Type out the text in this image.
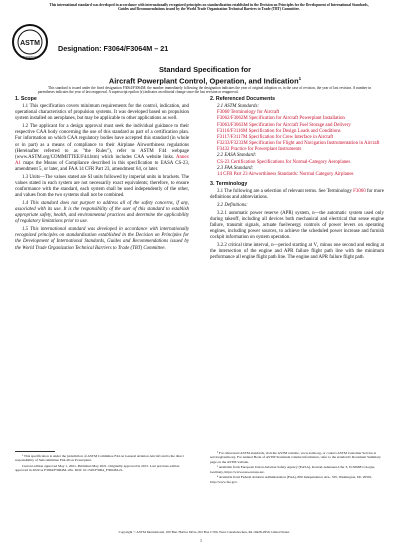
This international standard was developed in accordance with internationally recognized principles on standardization established in the Decision on Principles for the Development of International Standards, Guides and Recommendations issued by the World Trade Organization Technical Barriers to Trade (TBT) Committee.
ASTM
INTERNATIONAL
Designation: F3064/F3064M – 21
Standard Specification for
Aircraft Powerplant Control, Operation, and Indication$^1$
This standard is issued under the fixed designation F3064/F3064M; the number immediately following the designation indicates the year of original adoption or, in the case of revision, the year of last revision. A number in parentheses indicates the year of last reapproval. A superscript epsilon (ε) indicates an editorial change since the last revision or reapproval.
1. Scope

1.1 This specification covers minimum requirements for the control, indication, and operational characteristics of propulsion systems. It was developed based on propulsion system installed on aeroplanes, but may be applicable to other applications as well.

1.2 The applicant for a design approval must seek the individual guidance to their respective CAA body concerning the use of this standard as part of a certification plan. For information on which CAA regulatory bodies have accepted this standard (in whole or in part) as a means of compliance to their Airplane Airworthiness regulations (Hereinafter referred to as "the Rules"), refer to ASTM F44 webpage (www.ASTM.org/COMMITTEE/F44.htm) which includes CAA website links. Annex A1 maps the Means of Compliance described in this specification to EASA CS-23, amendment 5, or later, and FAA 14 CFR Part 23, amendment 64, or later.

1.3 Units—The values stated are SI units followed by imperial units in brackets. The values stated in each system are not necessarily exact equivalents; therefore, to ensure conformance with the standard, each system shall be used independently of the other, and values from the two systems shall not be combined.

1.4 This standard does not purport to address all of the safety concerns, if any, associated with its use. It is the responsibility of the user of this standard to establish appropriate safety, health, and environmental practices and determine the applicability of regulatory limitations prior to use.

1.5 This international standard was developed in accordance with internationally recognized principles on standardization established in the Decision on Principles for the Development of International Standards, Guides and Recommendations issued by the World Trade Organization Technical Barriers to Trade (TBT) Committee.

2. Referenced Documents
2.1 ASTM Standards:
F3060 Terminology for Aircraft
F3062/F3062M Specification for Aircraft Powerplant Installation
F3063/F3063M Specification for Aircraft Fuel Storage and Delivery
F3116/F3116M Specification for Design Loads and Conditions
F3117/F3117M Specification for Crew Interface in Aircraft
F3233/F3233M Specification for Flight and Navigation Instrumentation in Aircraft
F3432 Practice for Powerplant Instruments
2.2 EASA Standard:
CS-23 Certification Specifications for Normal-Category Aeroplanes
2.3 FAA Standard:
14 CFR Part 23 Airworthiness Standards: Normal Category Airplanes
3. Terminology

3.1 The following are a selection of relevant terms. See Terminology F3060 for more definitions and abbreviations.

3.2 Definitions:

3.2.1 automatic power reserve (APR) system, n—the automatic system used only during takeoff, including all devices both mechanical and electrical that sense engine failure, transmit signals, actuate fuel/energy controls of power levers on operating engines, including power sources, to achieve the scheduled power increase and furnish cockpit information on system operation.

3.2.2 critical time interval, n—period starting at V₁ minus one second and ending at the intersection of the engine and APR failure flight path line with the minimum performance all engine flight path line. The engine and APR failure flight path

¹ This specification is under the jurisdiction of ASTM Committee F44 on General Aviation Aircraft and is the direct responsibility of Subcommittee F44.40 on Powerplant.
Current edition approved May 1, 2021. Published May 2021. Originally approved in 2015. Last previous edition approved in 2020 as F3064/F3064M–20a. DOI: 10.1520/F3064_F3064M-21.
² For referenced ASTM standards, visit the ASTM website, www.astm.org, or contact ASTM Customer Service at service@astm.org. For Annual Book of ASTM Standards volume information, refer to the standard's Document Summary page on the ASTM website.
³ Available from European Union Aviation Safety Agency (EASA), Konrad-Adenauer-Ufer 3, D-50668 Cologne, Germany, https://www.easa.europa.eu/.
⁴ Available from Federal Aviation Administration (FAA), 800 Independence Ave., SW, Washington, DC 20591, http://www.faa.gov.
Copyright © ASTM International, 100 Barr Harbor Drive, PO Box C700, West Conshohocken, PA 19428-2959. United States
1
